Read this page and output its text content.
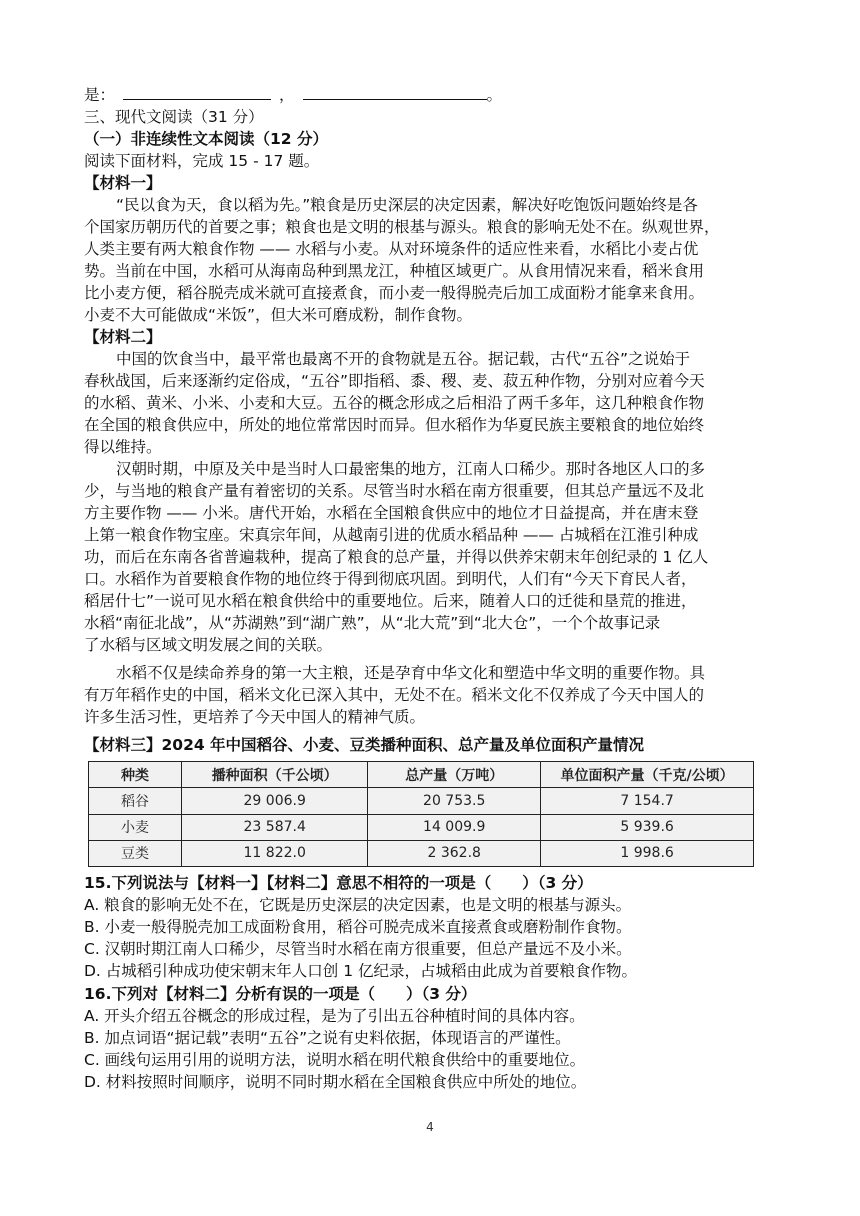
是：	，	。
三、现代文阅读（31 分）
（一）非连续性文本阅读（12 分）
阅读下面材料，完成 15 - 17 题。
【材料一】
“民以食为天，食以稻为先。”粮食是历史深层的决定因素，解决好吃饱饭问题始终是各
个国家历朝历代的首要之事；粮食也是文明的根基与源头。粮食的影响无处不在。纵观世界，
人类主要有两大粮食作物 —— 水稻与小麦。从对环境条件的适应性来看，水稻比小麦占优
势。当前在中国，水稻可从海南岛种到黑龙江，种植区域更广。从食用情况来看，稻米食用
比小麦方便，稻谷脱壳成米就可直接煮食，而小麦一般得脱壳后加工成面粉才能拿来食用。
小麦不大可能做成“米饭”，但大米可磨成粉，制作食物。
【材料二】
中国的饮食当中，最平常也最离不开的食物就是五谷。据记载，古代“五谷”之说始于
春秋战国，后来逐渐约定俗成，“五谷”即指稻、黍、稷、麦、菽五种作物，分别对应着今天
的水稻、黄米、小米、小麦和大豆。五谷的概念形成之后相沿了两千多年，这几种粮食作物
在全国的粮食供应中，所处的地位常常因时而异。但水稻作为华夏民族主要粮食的地位始终
得以维持。
汉朝时期，中原及关中是当时人口最密集的地方，江南人口稀少。那时各地区人口的多
少，与当地的粮食产量有着密切的关系。尽管当时水稻在南方很重要，但其总产量远不及北
方主要作物 —— 小米。唐代开始，水稻在全国粮食供应中的地位才日益提高，并在唐末登
上第一粮食作物宝座。宋真宗年间，从越南引进的优质水稻品种 —— 占城稻在江淮引种成
功，而后在东南各省普遍栽种，提高了粮食的总产量，并得以供养宋朝末年创纪录的 1 亿人
口。水稻作为首要粮食作物的地位终于得到彻底巩固。到明代，人们有“今天下育民人者，
稻居什七”一说可见水稻在粮食供给中的重要地位。后来，随着人口的迁徙和垦荒的推进，
水稻“南征北战”，从“苏湖熟”到“湖广熟”，从“北大荒”到“北大仓”，一个个故事记录
了水稻与区域文明发展之间的关联。
水稻不仅是续命养身的第一大主粮，还是孕育中华文化和塑造中华文明的重要作物。具
有万年稻作史的中国，稻米文化已深入其中，无处不在。稻米文化不仅养成了今天中国人的
许多生活习性，更培养了今天中国人的精神气质。
【材料三】2024 年中国稻谷、小麦、豆类播种面积、总产量及单位面积产量情况
种类	播种面积（千公顷）	总产量（万吨）	单位面积产量（千克/公顷）
稻谷	29 006.9	20 753.5	7 154.7
小麦	23 587.4	14 009.9	5 939.6
豆类	11 822.0	2 362.8	1 998.6
15.下列说法与【材料一】【材料二】意思不相符的一项是（　　）（3 分）
A. 粮食的影响无处不在，它既是历史深层的决定因素，也是文明的根基与源头。
B. 小麦一般得脱壳加工成面粉食用，稻谷可脱壳成米直接煮食或磨粉制作食物。
C. 汉朝时期江南人口稀少，尽管当时水稻在南方很重要，但总产量远不及小米。
D. 占城稻引种成功使宋朝末年人口创 1 亿纪录，占城稻由此成为首要粮食作物。
16.下列对【材料二】分析有误的一项是（　　）（3 分）
A. 开头介绍五谷概念的形成过程，是为了引出五谷种植时间的具体内容。
B. 加点词语“据记载”表明“五谷”之说有史料依据，体现语言的严谨性。
C. 画线句运用引用的说明方法，说明水稻在明代粮食供给中的重要地位。
D. 材料按照时间顺序，说明不同时期水稻在全国粮食供应中所处的地位。
4
